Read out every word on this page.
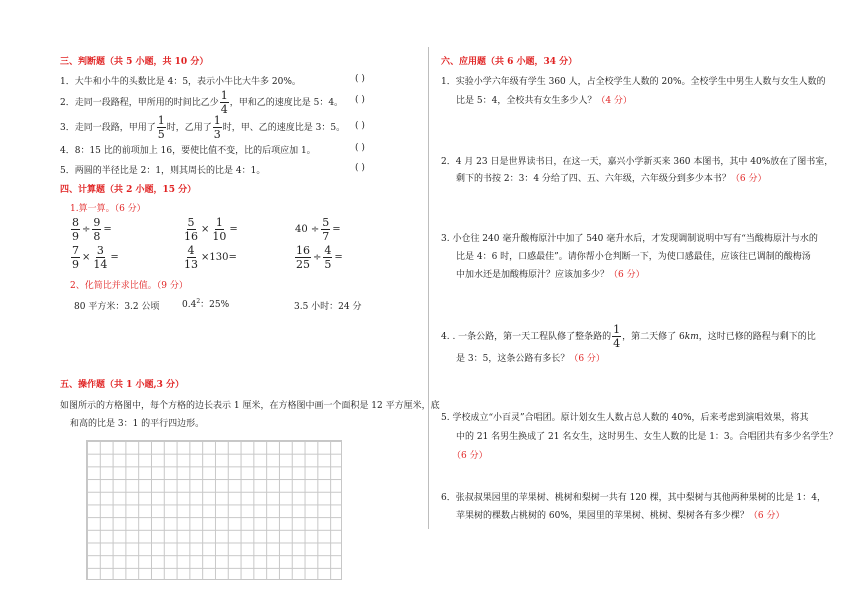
三、判断题（共 5 小题，共 10 分）
1．大牛和小牛的头数比是 4：5，表示小牛比大牛多 20%。	( )
2．走同一段路程，甲所用的时间比乙少 $\frac{1}{4}$ ，甲和乙的速度比是 5：4。 ( )
3．走同一段路，甲用了 $\frac{1}{5}$ 时，乙用了 $\frac{1}{3}$ 时，甲、乙的速度比是 3：5。 ( )
4．8：15 比的前项加上 16，要使比值不变，比的后项应加 1。	( )
5．两圆的半径比是 2：1，则其周长的比是 4：1。	( )
四、计算题（共 2 小题，15 分）
1.算一算。（6 分）
$\frac{8}{9} \div \frac{9}{8}$ =	$\frac{5}{16} \times \frac{1}{10}$ =	$40 \div \frac{5}{7}$ =
$\frac{7}{9} \times \frac{3}{14}$ =	$\frac{4}{13} \times 130=$	$\frac{16}{25} \div \frac{4}{5}$ =
2、化简比并求比值。（9 分）
80 平方米：3.2 公顷	$0.4^2$：25%	3.5 小时：24 分
五、操作题（共 1 小题,3 分）
如图所示的方格图中，每个方格的边长表示 1 厘米，在方格图中画一个面积是 12 平方厘米，底
和高的比是 3：1 的平行四边形。
六、应用题（共 6 小题，34 分）
1．实验小学六年级有学生 360 人，占全校学生人数的 20%。全校学生中男生人数与女生人数的
比是 5：4，全校共有女生多少人？（4 分）
2．4 月 23 日是世界读书日，在这一天，嘉兴小学新买来 360 本图书，其中 40%放在了图书室，
剩下的书按 2：3：4 分给了四、五、六年级，六年级分到多少本书？（6 分）
3. 小仓往 240 毫升酸梅原汁中加了 540 毫升水后，才发现调制说明中写有“当酸梅原汁与水的
比是 4：6 时，口感最佳”。请你帮小仓判断一下，为使口感最佳，应该往已调制的酸梅汤
中加水还是加酸梅原汁？应该加多少？（6 分）
4. . 一条公路，第一天工程队修了整条路的 $\frac{1}{4}$ ，第二天修了 6km，这时已修的路程与剩下的比
是 3：5，这条公路有多长？（6 分）
5. 学校成立“小百灵”合唱团。原计划女生人数占总人数的 40%，后来考虑到演唱效果，将其
中的 21 名男生换成了 21 名女生，这时男生、女生人数的比是 1：3。合唱团共有多少名学生？
（6 分）
6．张叔叔果园里的苹果树、桃树和梨树一共有 120 棵，其中梨树与其他两种果树的比是 1：4，
苹果树的棵数占桃树的 60%，果园里的苹果树、桃树、梨树各有多少棵？（6 分）
